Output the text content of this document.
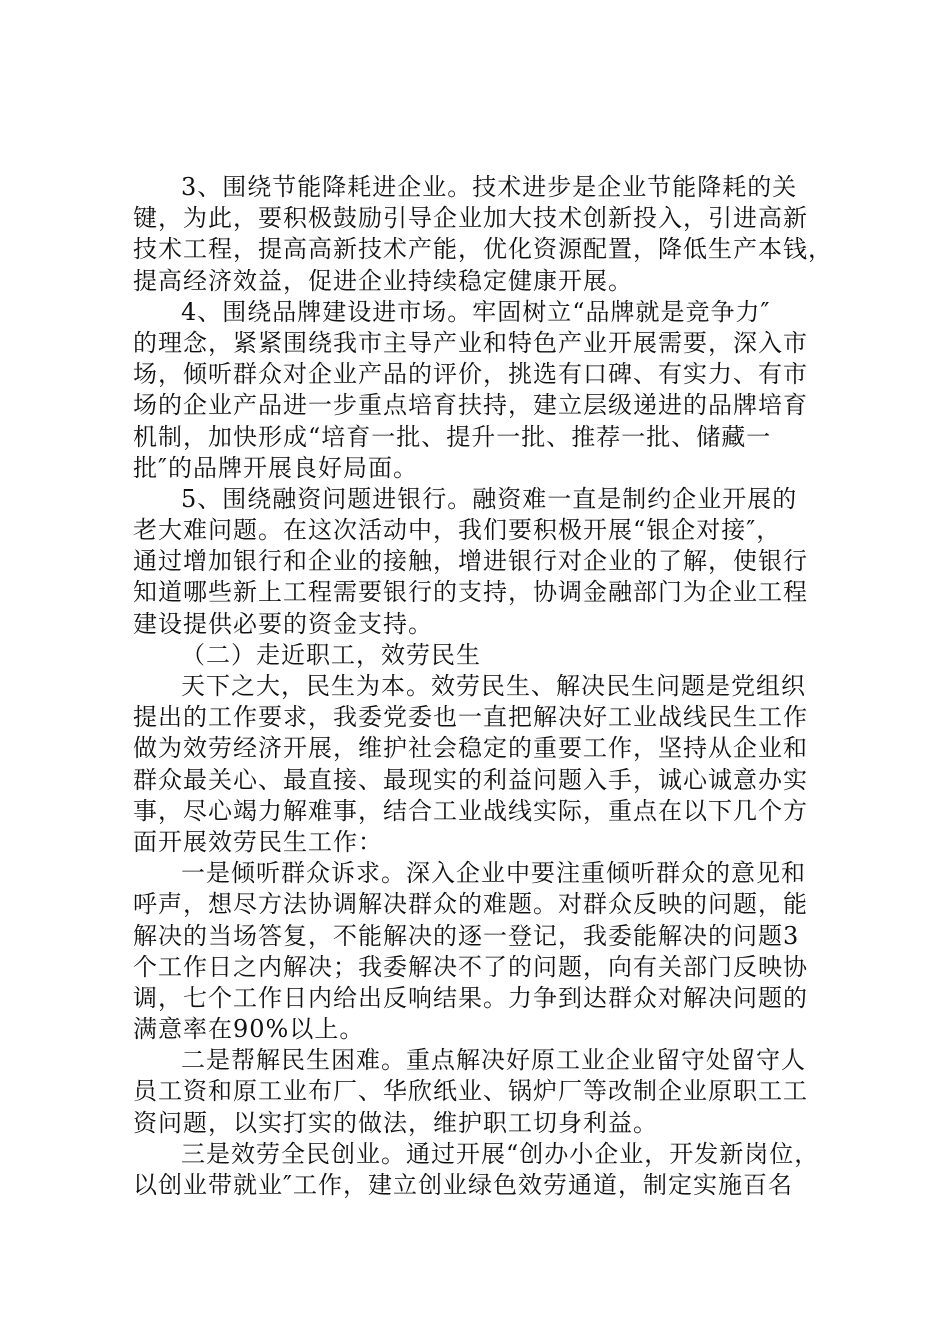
3、围绕节能降耗进企业。技术进步是企业节能降耗的关
键，为此，要积极鼓励引导企业加大技术创新投入，引进高新
技术工程，提高高新技术产能，优化资源配置，降低生产本钱，
提高经济效益，促进企业持续稳定健康开展。
4、围绕品牌建设进市场。牢固树立“品牌就是竞争力″
的理念，紧紧围绕我市主导产业和特色产业开展需要，深入市
场，倾听群众对企业产品的评价，挑选有口碑、有实力、有市
场的企业产品进一步重点培育扶持，建立层级递进的品牌培育
机制，加快形成“培育一批、提升一批、推荐一批、储藏一
批″的品牌开展良好局面。
5、围绕融资问题进银行。融资难一直是制约企业开展的
老大难问题。在这次活动中，我们要积极开展“银企对接″，
通过增加银行和企业的接触，增进银行对企业的了解，使银行
知道哪些新上工程需要银行的支持，协调金融部门为企业工程
建设提供必要的资金支持。
（二）走近职工，效劳民生
天下之大，民生为本。效劳民生、解决民生问题是党组织
提出的工作要求，我委党委也一直把解决好工业战线民生工作
做为效劳经济开展，维护社会稳定的重要工作，坚持从企业和
群众最关心、最直接、最现实的利益问题入手，诚心诚意办实
事，尽心竭力解难事，结合工业战线实际，重点在以下几个方
面开展效劳民生工作：
一是倾听群众诉求。深入企业中要注重倾听群众的意见和
呼声，想尽方法协调解决群众的难题。对群众反映的问题，能
解决的当场答复，不能解决的逐一登记，我委能解决的问题3
个工作日之内解决；我委解决不了的问题，向有关部门反映协
调，七个工作日内给出反响结果。力争到达群众对解决问题的
满意率在90%以上。
二是帮解民生困难。重点解决好原工业企业留守处留守人
员工资和原工业布厂、华欣纸业、锅炉厂等改制企业原职工工
资问题，以实打实的做法，维护职工切身利益。
三是效劳全民创业。通过开展“创办小企业，开发新岗位，
以创业带就业″工作，建立创业绿色效劳通道，制定实施百名
